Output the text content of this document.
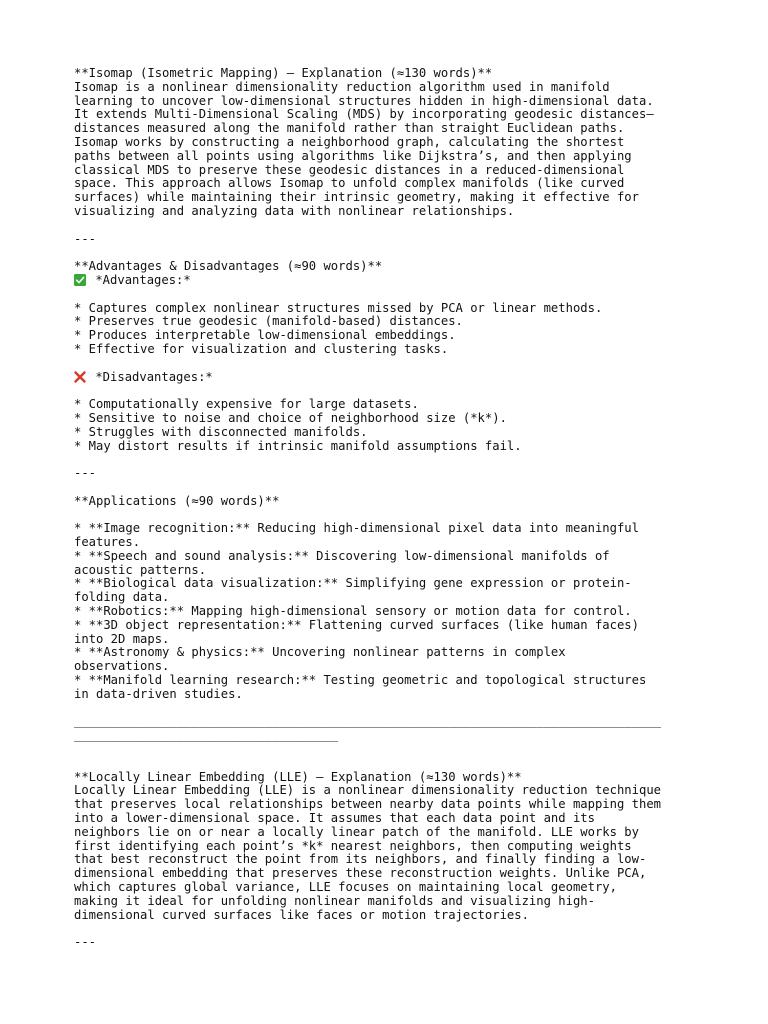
**Isomap (Isometric Mapping) – Explanation (≈130 words)**
Isomap is a nonlinear dimensionality reduction algorithm used in manifold
learning to uncover low-dimensional structures hidden in high-dimensional data.
It extends Multi-Dimensional Scaling (MDS) by incorporating geodesic distances—
distances measured along the manifold rather than straight Euclidean paths.
Isomap works by constructing a neighborhood graph, calculating the shortest
paths between all points using algorithms like Dijkstra’s, and then applying
classical MDS to preserve these geodesic distances in a reduced-dimensional
space. This approach allows Isomap to unfold complex manifolds (like curved
surfaces) while maintaining their intrinsic geometry, making it effective for
visualizing and analyzing data with nonlinear relationships.
---
**Advantages & Disadvantages (≈90 words)**
*Advantages:*
* Captures complex nonlinear structures missed by PCA or linear methods.
* Preserves true geodesic (manifold-based) distances.
* Produces interpretable low-dimensional embeddings.
* Effective for visualization and clustering tasks.
*Disadvantages:*
* Computationally expensive for large datasets.
* Sensitive to noise and choice of neighborhood size (*k*).
* Struggles with disconnected manifolds.
* May distort results if intrinsic manifold assumptions fail.
---
**Applications (≈90 words)**
* **Image recognition:** Reducing high-dimensional pixel data into meaningful
features.
* **Speech and sound analysis:** Discovering low-dimensional manifolds of
acoustic patterns.
* **Biological data visualization:** Simplifying gene expression or protein-
folding data.
* **Robotics:** Mapping high-dimensional sensory or motion data for control.
* **3D object representation:** Flattening curved surfaces (like human faces)
into 2D maps.
* **Astronomy & physics:** Uncovering nonlinear patterns in complex
observations.
* **Manifold learning research:** Testing geometric and topological structures
in data-driven studies.
________________________________________________________________________________
____________________________________
**Locally Linear Embedding (LLE) – Explanation (≈130 words)**
Locally Linear Embedding (LLE) is a nonlinear dimensionality reduction technique
that preserves local relationships between nearby data points while mapping them
into a lower-dimensional space. It assumes that each data point and its
neighbors lie on or near a locally linear patch of the manifold. LLE works by
first identifying each point’s *k* nearest neighbors, then computing weights
that best reconstruct the point from its neighbors, and finally finding a low-
dimensional embedding that preserves these reconstruction weights. Unlike PCA,
which captures global variance, LLE focuses on maintaining local geometry,
making it ideal for unfolding nonlinear manifolds and visualizing high-
dimensional curved surfaces like faces or motion trajectories.
---
